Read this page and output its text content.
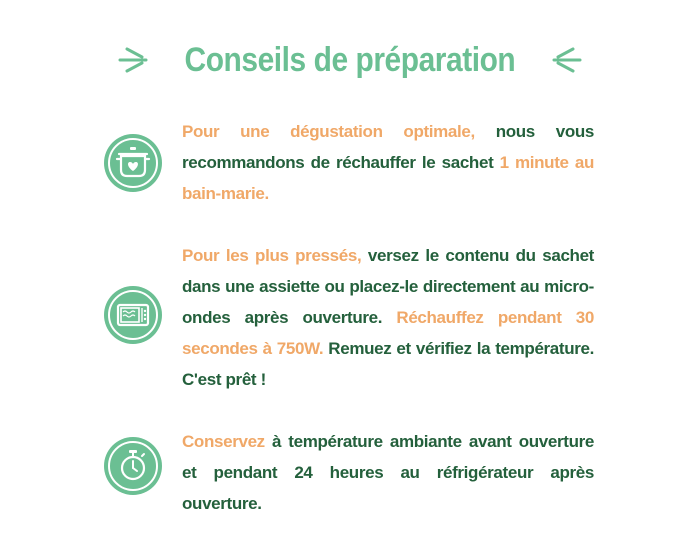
Conseils de préparation

Pour une dégustation optimale, nous vous recommandons de réchauffer le sachet 1 minute au bain-marie.

Pour les plus pressés, versez le contenu du sachet dans une assiette ou placez-le directement au micro-ondes après ouverture. Réchauffez pendant 30 secondes à 750W. Remuez et vérifiez la température. C'est prêt !

Conservez à température ambiante avant ouverture et pendant 24 heures au réfrigérateur après ouverture.
